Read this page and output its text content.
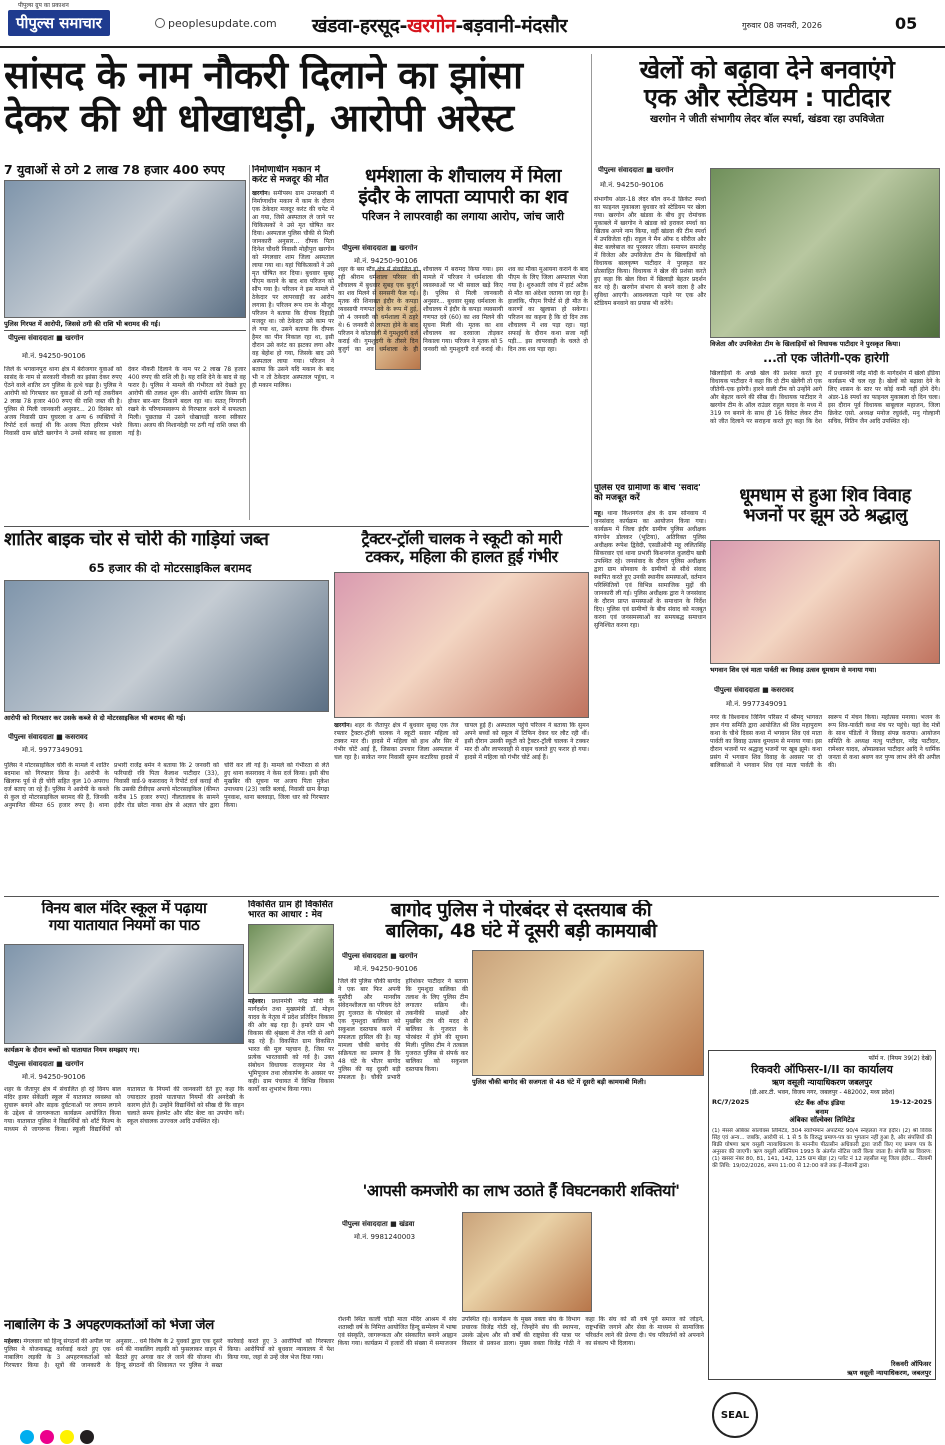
पीपुल्स ग्रुप का प्रकाशन
पीपुल्स समाचार	peoplesupdate.com खंडवा-हरसूद-खरगोन-बड़वानी-मंदसौर	गुरुवार 08 जनवरी, 2026	05
सांसद के नाम नौकरी दिलाने का झांसा
देकर की थी धोखाधड़ी, आरोपी अरेस्ट
7 युवाओं से ठगे 2 लाख 78 हजार 400 रुपए
पुलिस गिरफ्त में आरोपी, जिससे ठगी की राशि भी बरामद की गई।
पीपुल्स संवाददाता ■ खरगोन
मो.नं. 94250-90106
जिले के भगवानपुरा थाना क्षेत्र में बेरोजगार युवाओं को सासंद के नाम से सरकारी नौकरी का झांसा देकर रुपए ऐंठने वाले शातिर ठग पुलिस के हत्थे चढ़ा है। पुलिस ने आरोपी को गिरफ्तार कर युवाओं से ठगी गई तकरीबन 2 लाख 78 हजार 400 रुपए की राशि जब्त की है। पुलिस से मिली जानकारी अनुसार... 20 दिसंबर को अजय निवासी ग्राम घुघरला व अन्य 6 व्यक्तियों ने रिपोर्ट दर्ज कराई थी कि अजय पिता हरिराम भंवरे निवासी ग्राम छोटी खरगोन ने उनसे सांसद का हवाला देकर नौकरी दिलाने के नाम पर 2 लाख 78 हजार 400 रुपए की राशि ली है। यह राशि देने के बाद से वह फरार है। पुलिस ने मामले की गंभीरता को देखते हुए आरोपी की तलाश शुरू की। आरोपी शातिर किस्म का होकर बार-बार ठिकाने बदल रहा था। सतत् निगरानी रखने के परिणामस्वरूप से गिरफ्तार करने में सफलता मिली। पूछताछ में उसने धोखाधड़ी करना स्वीकार किया। अजय की निशानदेही पर ठगी गई राशि जब्त की गई है।
निर्माणाधीन मकान में करंट से मजदूर की मौत
खरगोन। समीपस्थ ग्राम उमरखली में निर्माणाधीन मकान में काम के दौरान एक ठेकेदार मजदूर करंट की चपेट में आ गया, जिसे अस्पताल ले जाने पर चिकित्सकों ने उसे मृत घोषित कर दिया। अस्पताल पुलिस चौकी से मिली जानकारी अनुसार... दीपक पिता दिनेश चौधरी निवासी मोहीपुरा खरगोन को मंगलवार शाम जिला अस्पताल लाया गया था। यहां चिकित्सकों ने उसे मृत घोषित कर दिया। बुधवार सुबह पीएम कराने के बाद शव परिजन को सौंप गया है। परिजन ने इस मामले में ठेकेदार पर लापरवाही का आरोप लगाया है। परिजन रूप राम के मौजूद परिजन ने बताया कि दीपक दिहाड़ी मजदूर था। जो ठेकेदार उसे काम पर ले गया था, उसने बताया कि दीपक हैमर का पीन निकाल रहा था, इसी दौरान उसे करंट का झटका लगा और वह बेहोश हो गया, जिसके बाद उसे अस्पताल लाया गया। परिजन ने बताया कि उसने यदि मकान के बाद भी न तो ठेकेदार अस्पताल पहुंचा, न ही मकान मालिक।
धर्मशाला के शौचालय में मिला
इंदौर के लापता व्यापारी का शव
परिजन ने लापरवाही का लगाया आरोप, जांच जारी
पीपुल्स संवाददाता ■ खरगोन
मो.नं. 94250-90106
शहर के बस स्टैंड क्षेत्र में संचालित हो रही श्रीराम धर्मशाला परिसर की शौचालय में बुधवार सुबह एक बुजुर्ग का शव मिलने से सनसनी फैल गई। मृतक की शिनाख्त इंदौर के कपड़ा व्यवसायी गणपत दवे के रूप में हुई, जो 4 जनवरी को धर्मशाला में ठहरे थे। 6 जनवरी से लापता होने के बाद परिजन ने कोतवाली में गुमशुदगी दर्ज कराई थी। गुमशुदगी के तीसरे दिन बुजुर्ग का शव धर्मशाला के ही शौचालय में बरामद किया गया। इस मामले में परिजन ने धर्मशाला की व्यवस्थाओं पर भी सवाल खड़े किए हैं। पुलिस से मिली जानकारी अनुसार... बुधवार सुबह धर्मशाला के शौचालय में इंदौर के कपड़ा व्यवसायी गणपत दवे (60) का शव मिलने की सूचना मिली थी। मृतक का शव शौचालय का दरवाजा तोड़कर निकाला गया। परिजन ने मृतक को 5 जनवरी को गुमशुदगी दर्ज कराई थी। शव का मौका मुआयना कराने के बाद पीएम के लिए जिला अस्पताल भेजा गया है। शुरुआती जांच में हार्ट अटैक से मौत का अंदेशा जताया जा रहा है। हालांकि, पीएम रिपोर्ट से ही मौत के कारणों का खुलासा हो सकेगा। परिजन का कहना है कि दो दिन तक शौचालय में शव पड़ा रहा। यहां सफाई के दौरान कथा सजा नहीं पड़ी... इस लापरवाही के चलते दो दिन तक शव पड़ा रहा।
खेलों को बढ़ावा देने बनवाएंगे
एक और स्टेडियम : पाटीदार
खरगोन ने जीती संभागीय लेदर बॉल स्पर्धा, खंडवा रहा उपविजेता
पीपुल्स संवाददाता ■ खरगोन
मो.नं. 94250-90106
संभागीय अंडर-18 लेदर बॉल वन-डे क्रिकेट स्पर्धा का फाइनल मुकाबला बुधवार को स्टेडियम पर खेला गया। खरगोन और खंडवा के बीच हुए रोमांचक मुकाबले में खरगोन ने खंडवा को हराकर स्पर्धा का खिताब अपने नाम किया, वहीं खंडवा की टीम स्पर्धा में उपविजेता रही। राहुल ने मैन ऑफ द सीरीज और बेस्ट बल्लेबाज का पुरस्कार जीता। समापन समारोह में विजेता और उपविजेता टीम के खिलाड़ियों को विधायक बालकृष्ण पाटीदार ने पुरस्कृत कर प्रोत्साहित किया। विधायक ने खेल की प्रशंसा करते हुए कहा कि खेल विधा में खिलाड़ी बेहतर प्रदर्शन कर रहे हैं। खरगोन संभाग से बनने वाला है और सुविधा आएगी। आवश्यकता पड़ने पर एक और स्टेडियम बनवाने का प्रयास भी करेंगे।
विजेता और उपविजेता टीम के खिलाड़ियों को विधायक पाटीदार ने पुरस्कृत किया।
...तो एक जीतेगी-एक हारेगी
खिलाड़ियों के अच्छे खेल की प्रशंसा करते हुए विधायक पाटीदार ने कहा कि दो टीम खेलेंगी तो एक जीतेगी-एक हारेगी। हारने वाली टीम को उन्होंने आगे और बेहतर करने की सीख दी। विधायक पाटीदार ने खरगोन टीम के ऑल राउंडर राहुल यादव के मध्य में 319 रन बनाने के साथ ही 16 विकेट लेकर टीम को जीत दिलाने पर सराहना करते हुए कहा कि देश में प्रधानमंत्री नरेंद्र मोदी के मार्गदर्शन में खेलो इंडिया कार्यक्रम भी चल रहा है। खेलों को बढ़ावा देने के लिए शासन के स्तर पर कोई कमी नहीं होने देंगे। अंडर-18 स्पर्धा का फाइनल मुकाबला दो दिन चला। इस दौरान पूर्व विधायक बाबूलाल महाजन, जिला क्रिकेट एसो. अध्यक्ष मनोज रघुवंशी, मनु गोल्हानी सचिव, नितिन जैन आदि उपस्थित रहे।
पुलिस एवं ग्रामीणों के बीच 'संवाद' को मजबूत करें
महू। थाना किशनगंज क्षेत्र के ग्राम सोनवाय में जनसंवाद कार्यक्रम का आयोजन किया गया। कार्यक्रम में जिला इंदौर ग्रामीण पुलिस अधीक्षक यांगचेन डोलकर (भूटिया), अतिरिक्त पुलिस अधीक्षक रूपेश द्विवेदी, एसडीओपी महू ललितसिंह सिकरवार एवं थाना प्रभारी किशनगंज कुलदीप खत्री उपस्थित रहे। जनसंवाद के दौरान पुलिस अधीक्षक द्वारा ग्राम सोनवाय के ग्रामीणों से सीधे संवाद स्थापित करते हुए उनकी स्थानीय समस्याओं, वर्तमान परिस्थितियों एवं विभिन्न सामाजिक मुद्दों की जानकारी ली गई। पुलिस अधीक्षक द्वारा ने जनसंवाद के दौरान प्राप्त समस्याओं के समाधान के निर्देश दिए। पुलिस एवं ग्रामीणों के बीच संवाद को मजबूत करना एवं जनसमस्याओं का समयबद्ध समाधान सुनिश्चित करना रहा।
शातिर बाइक चोर से चोरी की गाड़ियां जब्त
65 हजार की दो मोटरसाइकिल बरामद
आरोपी को गिरफ्तार कर उसके कब्जे से दो मोटरसाइकिल भी बरामद की गई।
पीपुल्स संवाददाता ■ कसरावद
मो.नं. 9977349091
पुलिस ने मोटरसाइकिल चोरी के मामले में शातिर बदमाश को गिरफ्तार किया है। आरोपी के खिलाफ पूर्व से ही चोरी सहित कुल 10 अपराध दर्ज बताए जा रहे हैं। पुलिस ने आरोपी के कब्जे से कुल दो मोटरसाइकिल बरामद की हैं, जिनकी अनुमानित कीमत 65 हजार रुपए है। थाना प्रभारी राजेंद्र बर्मन ने बताया कि 2 जनवरी को फरियादी रवि पिता कैलाश पाटीदार (33), निवासी वार्ड-9 कसरावद ने रिपोर्ट दर्ज कराई थी कि उसकी टीवीएस अपाचे मोटरसाइकिल (कीमत करीब 15 हजार रुपए) नीलतालाब के सामने इंदौर रोड छोटा नाका क्षेत्र से अज्ञात चोर द्वारा चोरी कर ली गई है। मामले को गंभीरता से लेते हुए थाना कसरावद ने केस दर्ज किया। इसी बीच मुखबिर की सूचना पर अजय पिता मुकेश उपाध्याय (23) जाति बलाई, निवासी ग्राम बैगढ़ा पुनवाश, थाना बलवाड़ा, जिला धार को गिरफ्तार किया।
ट्रैक्टर-ट्रॉली चालक ने स्कूटी को मारी
टक्कर, महिला की हालत हुई गंभीर
खरगोन। शहर के जैतापुर क्षेत्र में बुधवार सुबह एक तेज रफ्तार ट्रैक्टर-ट्रॉली चालक ने स्कूटी सवार महिला को टक्कर मार दी। हादसे में महिला को हाथ और सिर में गंभीर चोटें आई हैं, जिसका उपचार जिला अस्पताल में चल रहा है। साकेत नगर निवासी सुमन कटारिया हादसे में घायल हुई हैं। अस्पताल पहुंचे परिजन ने बताया कि सुमन अपने बच्चों को स्कूल में टिफिन देकर घर लौट रही थीं। इसी दौरान उसकी स्कूटी को ट्रैक्टर-ट्रॉली चालक ने टक्कर मार दी और लापरवाही से वाहन चलाते हुए फरार हो गया। हादसे में महिला को गंभीर चोटें आई हैं।
धूमधाम से हुआ शिव विवाह
भजनों पर झूम उठे श्रद्धालु
भगवान शिव एवं माता पार्वती का विवाह उत्सव धूमधाम से मनाया गया।
पीपुल्स संवाददाता ■ कसरावद
मो.नं. 9977349091
नगर के विश्वनाथ जिनिंग परिसर में श्रीमद् भागवत ज्ञान गंगा समिति द्वारा आयोजित श्री शिव महापुराण कथा के चौथे दिवस कथा में भगवान शिव एवं माता पार्वती का विवाह उत्सव धूमधाम से मनाया गया। इस दौरान भजनों पर श्रद्धालु भजनों पर खूब झूमे। कथा प्रसंग में भगवान शिव विवाह के अवसर पर दो बालिकाओं ने भगवान शिव एवं माता पार्वती के स्वरूप में मंचन किया। महोत्सव मनाया। भजन के रूप शिव-पार्वती कथा मंच पर पहुंचे। यहां वेद मंत्रों के साथ पंडितों ने विवाह संपन्न कराया। आयोजन समिति के अध्यक्ष नत्थु पाटीदार, नरेंद्र पाटीदार, रामेश्वर यादव, ओमप्रकाश पाटीदार आदि ने धार्मिक जनता से कथा श्रवण कर पुण्य लाभ लेने की अपील की।
विनय बाल मंदिर स्कूल में पढ़ाया
गया यातायात नियमों का पाठ
कार्यक्रम के दौरान बच्चों को यातायात नियम समझाए गए।
पीपुल्स संवाददाता ■ खरगोन
मो.नं. 94250-90106
शहर के जैतापुर क्षेत्र में संचालित हो रहे विनय बाल मंदिर हायर सेकेंडरी स्कूल में यातायात व्यवस्था को सुचारू बनाने और सड़क दुर्घटनाओं पर लगाम लगाने के उद्देश्य से जागरूकता कार्यक्रम आयोजित किया गया। यातायात पुलिस ने विद्यार्थियों को शॉर्ट फिल्म के माध्यम से जागरूक किया। स्कूली विद्यार्थियों को यातायात के नियमों की जानकारी देते हुए कहा कि ज्यादातर हादसे यातायात नियमों की अनदेखी के कारण होते हैं। उन्होंने विद्यार्थियों को सीख दी कि वाहन चलाते समय हेलमेट और सीट बेल्ट का उपयोग करें। स्कूल संचालक उज्ज्वल आदि उपस्थित रहे।
विकसित ग्राम ही विकसित
भारत का आधार : मेव
महेश्वर। प्रधानमंत्री नरेंद्र मोदी के मार्गदर्शन तथा मुख्यमंत्री डॉ. मोहन यादव के नेतृत्व में प्रदेश प्रतिदिन विकास की ओर बढ़ रहा है। हमारे ग्राम भी विकास की श्रृंखला में तेज गति से आगे बढ़ रहे हैं। विकसित ग्राम विकसित भारत की मूल पहचान है, जिस पर प्रत्येक भारतवासी को गर्व है। उक्त संबोधन विधायक राजकुमार मेव ने भूमिपूजन तथा लोकार्पण के अवसर पर कही। ग्राम पंचायत में विभिन्न विकास कार्यों का शुभारंभ किया गया।
बागोद पुलिस ने पोरबंदर से दस्तयाब की
बालिका, 48 घंटे में दूसरी बड़ी कामयाबी
पीपुल्स संवाददाता ■ खरगोन
मो.नं. 94250-90106
जिले की पुलिस चौकी बागोद ने एक बार फिर अपनी मुस्तैदी और मानवीय संवेदनशीलता का परिचय देते हुए गुजरात के पोरबंदर से एक गुमशुदा बालिका को सकुशल दस्तयाब करने में सफलता हासिल की है। यह मामला चौकी बागोद की सक्रियता का प्रमाण है कि 48 घंटे के भीतर बागोद पुलिस की यह दूसरी बड़ी सफलता है। चौकी प्रभारी हरिशंकर पाटीदार ने बताया कि गुमशुदा बालिका की तलाश के लिए पुलिस टीम लगातार सक्रिय थी। तकनीकी साक्ष्यों और मुखबिर तंत्र की मदद से बालिका के गुजरात के पोरबंदर में होने की सूचना मिली। पुलिस टीम ने तत्काल गुजरात पुलिस से संपर्क कर बालिका को सकुशल दस्तयाब किया।
पुलिस चौकी बागोद की सजगता से 48 घंटे में दूसरी बड़ी कामयाबी मिली।
नाबालिग के 3 अपहरणकर्ताओं को भेजा जेल
महेश्वर। मंगलवार को हिन्दू संगठनों की अपील पर पुलिस ने योजनाबद्ध कार्रवाई करते हुए एक नाबालिग लड़की के 3 अपहरणकर्ताओं को गिरफ्तार किया है। सूत्रों की जानकारी के अनुसार... धर्म विशेष के 2 युवकों द्वारा एक दूसरे धर्म की नाबालिग लड़की को फुसलाकर वाहन में बैठाते हुए अगवा कर ले जाने की योजना थी। हिन्दू संगठनों की शिकायत पर पुलिस ने सख्त कार्रवाई करते हुए 3 आरोपियों को गिरफ्तार किया। आरोपियों को बुधवार न्यायालय में पेश किया गया, जहां से उन्हें जेल भेज दिया गया।
'आपसी कमजोरी का लाभ उठाते हैं विघटनकारी शक्तियां'
पीपुल्स संवाददाता ■ खंडवा
मो.नं. 9981240003
रोशनी स्थित काली चोड़ी माता मंदिर आश्रम में संघ शताब्दी वर्ष के निमित्त आयोजित हिन्दू सम्मेलन में भाषा एवं संस्कृति, जागरूकता और संस्कारित बनाने आह्वान किया गया। कार्यक्रम में हजारों की संख्या में समाजजन उपस्थित रहे। कार्यक्रम के मुख्य वक्ता संघ के विभाग प्रचारक विजेंद्र गोठी रहे, जिन्होंने संघ की स्थापना, उसके उद्देश्य और सौ वर्षों की राष्ट्रसेवा की यात्रा पर विस्तार से प्रकाश डाला। मुख्य वक्ता विजेंद्र गोठी ने कहा कि संघ को सौ वर्ष पूर्व समाज को जोड़ने, राष्ट्रभक्ति जगाने और सेवा के माध्यम से सामाजिक परिवर्तन लाने की प्रेरणा दी। पंच परिवर्तनों को अपनाने का संकल्प भी दिलाया।
फॉर्म न. (नियम 39(2) देखें)
रिकवरी ऑफिसर-I/II का कार्यालय
ऋण वसूली न्यायाधिकरण जबलपुर
(डी.आर.टी. भवन, विजय नगर, जबलपुर - 482002, मध्य प्रदेश)
RC/7/2025	स्टेट बैंक ऑफ इंडिया	19-12-2025
बनाम
अंबिका सॉल्वेक्स लिमिटेड
(1) मेसर्स अंबिका सॉल्वेक्स लिमिटेड, 304 स्वाभिमान अपार्टमेंट 90/4 स्नेहलता गंज इंदौर। (2) श्री विवेक सिंह एवं अन्य... जबकि, आरोपी सं. 1 से 5 के विरुद्ध प्रमाण-पत्र का भुगतान नहीं हुआ है, और संपत्तियों की बिक्री घोषणा ऋण वसूली न्यायाधिकरण के माननीय पीठासीन अधिकारी द्वारा जारी किए गए प्रमाण पत्र के अनुसार की जाएगी। ऋण वसूली अधिनियम 1993 के अंतर्गत नोटिस जारी किया जाता है। संपत्ति का विवरण: (1) खसरा नंबर 80, 81, 141, 142, 125 ग्राम खेड़ा (2) प्लॉट नं 12 तहसील महू जिला इंदौर... नीलामी की तिथि: 19/02/2026, समय 11:00 से 12:00 बजे तक ई-नीलामी द्वारा।
रिकवरी ऑफिसर
ऋण वसूली न्यायाधिकरण, जबलपुर
SEAL
